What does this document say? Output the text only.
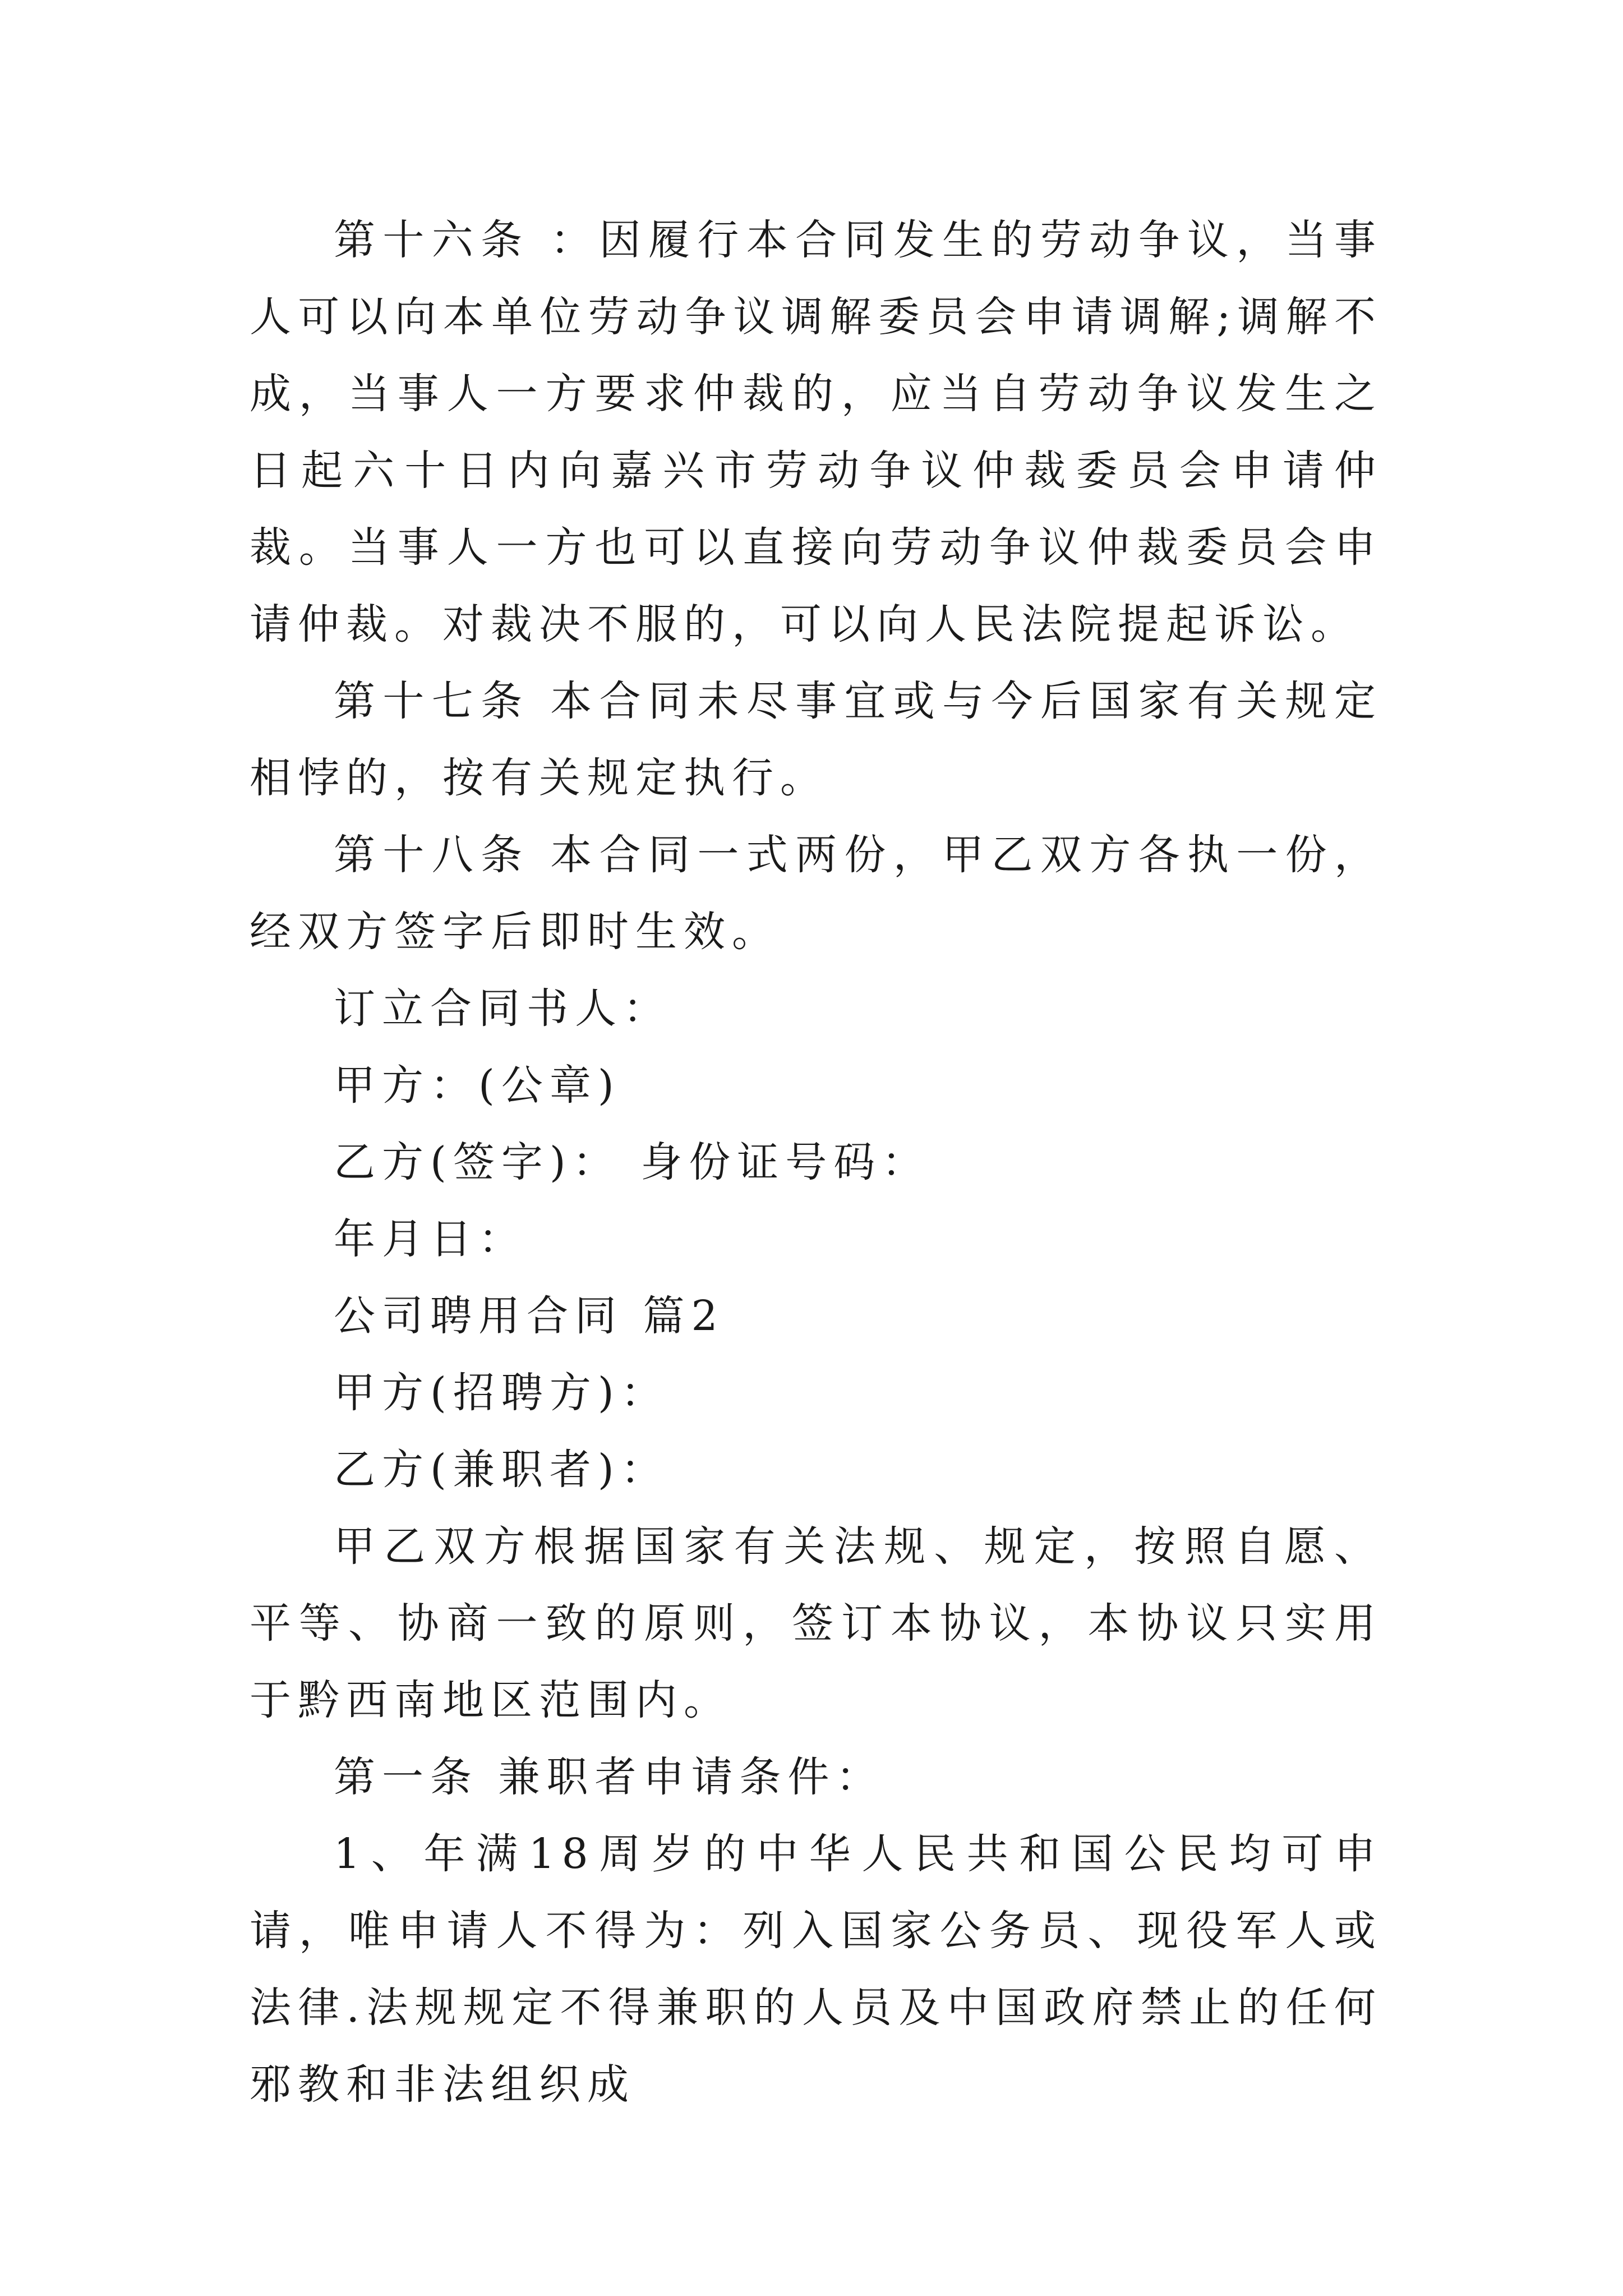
第十六条 ：因履行本合同发生的劳动争议，当事人可以向本单位劳动争议调解委员会申请调解;调解不成，当事人一方要求仲裁的，应当自劳动争议发生之日起六十日内向嘉兴市劳动争议仲裁委员会申请仲裁。当事人一方也可以直接向劳动争议仲裁委员会申请仲裁。对裁决不服的，可以向人民法院提起诉讼。

第十七条 本合同未尽事宜或与今后国家有关规定相悖的，按有关规定执行。

第十八条 本合同一式两份，甲乙双方各执一份，经双方签字后即时生效。

订立合同书人：

甲方：(公章)

乙方(签字)： 身份证号码：

年月日：

公司聘用合同 篇2

甲方(招聘方)：

乙方(兼职者)：

甲乙双方根据国家有关法规、规定，按照自愿、平等、协商一致的原则，签订本协议，本协议只实用于黔西南地区范围内。

第一条 兼职者申请条件：

1、年满18周岁的中华人民共和国公民均可申请，唯申请人不得为：列入国家公务员、现役军人或法律.法规规定不得兼职的人员及中国政府禁止的任何邪教和非法组织成
